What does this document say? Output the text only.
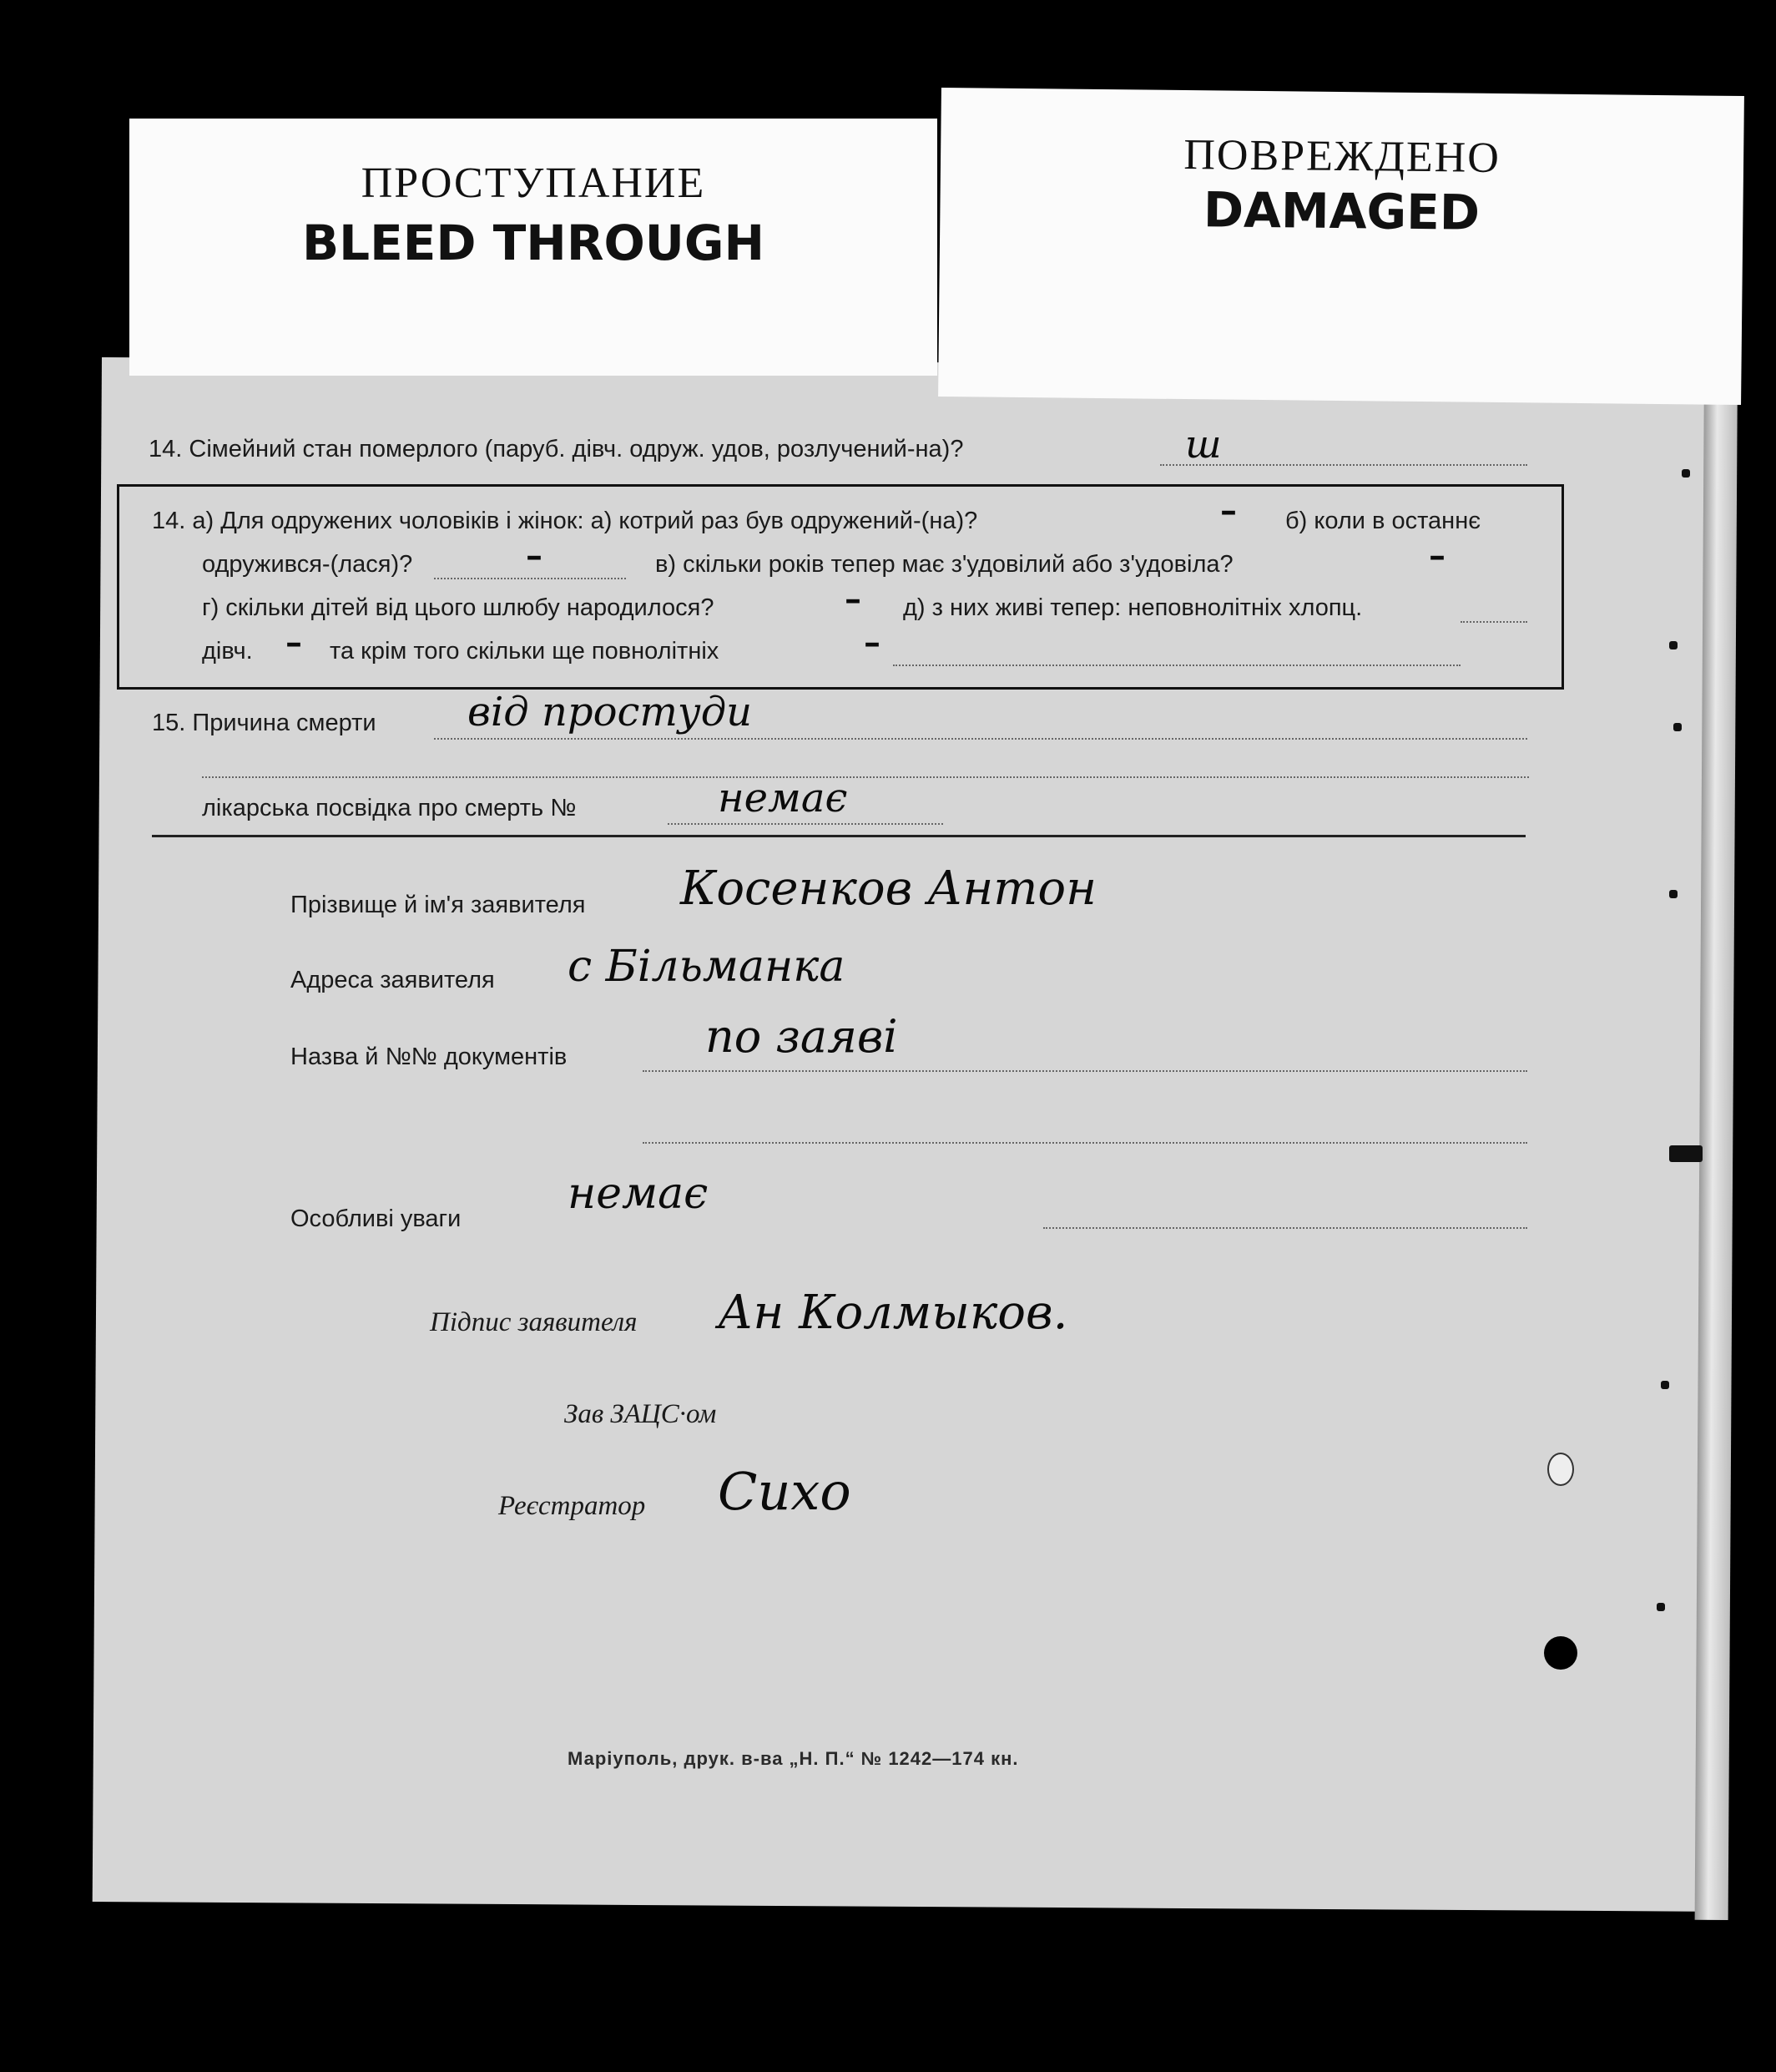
ПРОСТУПАНИЕ
BLEED THROUGH
ПОВРЕЖДЕНО
DAMAGED
14. Сімейний стан померлого (паруб. дівч. одруж. удов, розлучений-на)?	ш
14. а) Для одружених чоловіків і жінок: а) котрий раз був одружений-(на)?	– б) коли в останнє
одружився-(лася)?	–	в) скільки років тепер має з'удовілий або з'удовіла?	–
г) скільки дітей від цього шлюбу народилося?	– д) з них живі тепер: неповнолітніх хлопц.
дівч. – та крім того скільки ще повнолітніх	–
15. Причина смерти від простуди
лікарська посвідка про смерть №	немає
Прізвище й ім'я заявителя Косенков Антон
Адреса заявителя с Більманка
Назва й №№ документів	по заяві
Особливі уваги немає
Підпис заявителя Ан Колмыков.
Зав ЗАЦС·ом
Реєстратор Сихо
Маріуполь, друк. в-ва „Н. П.“ № 1242—174 кн.
